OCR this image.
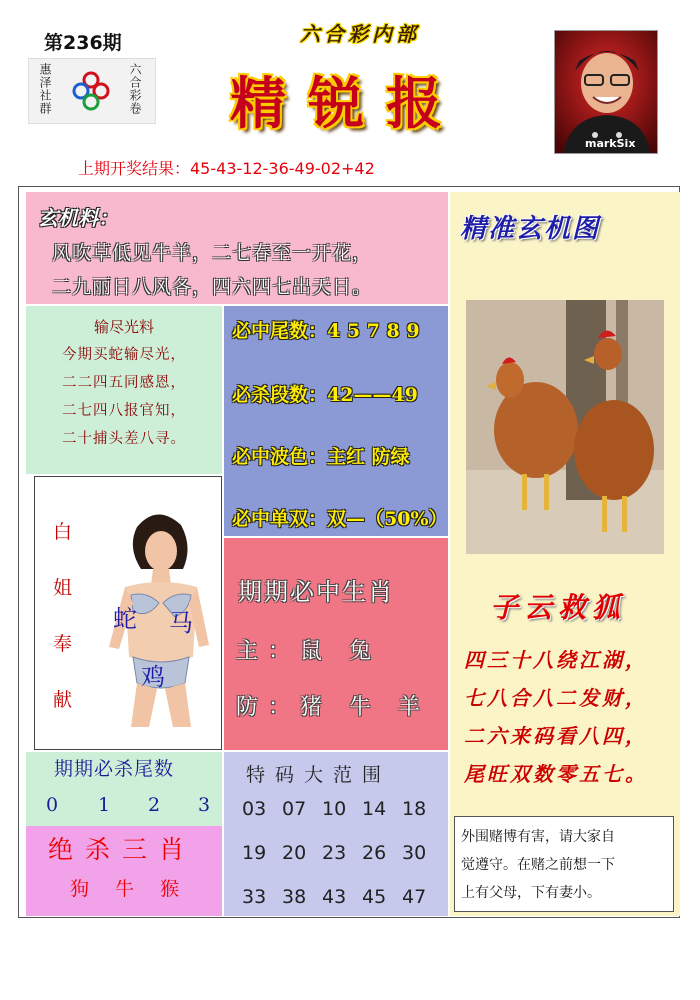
第236期
惠泽社群	六合彩卷
六合彩内部
精锐报
markSix
上期开奖结果：45-43-12-36-49-02+42
玄机料：
风吹草低见牛羊，二七春至一开花，
二九丽日八风各，四六四七出天日。
输尽光料
今期买蛇输尽光，
二二四五同感恩，
二七四八报官知，
二十捕头差八寻。
必中尾数：4 5 7 8 9
必杀段数：42——49
必中波色：主红 防绿
必中单双：双—（50%）
白
姐
奉
献
蛇 马
鸡
期期必中生肖
主：鼠 兔
防：猪 牛 羊
期期必杀尾数
0 1 2 3
绝杀三肖
狗 牛 猴
特码大范围
03 07 10 14 18
19 20 23 26 30
33 38 43 45 47
精准玄机图
子云救狐
四三十八绕江湖，
七八合八二发财，
二六来码看八四，
尾旺双数零五七。
外围赌博有害，请大家自
觉遵守。在赌之前想一下
上有父母，下有妻小。
